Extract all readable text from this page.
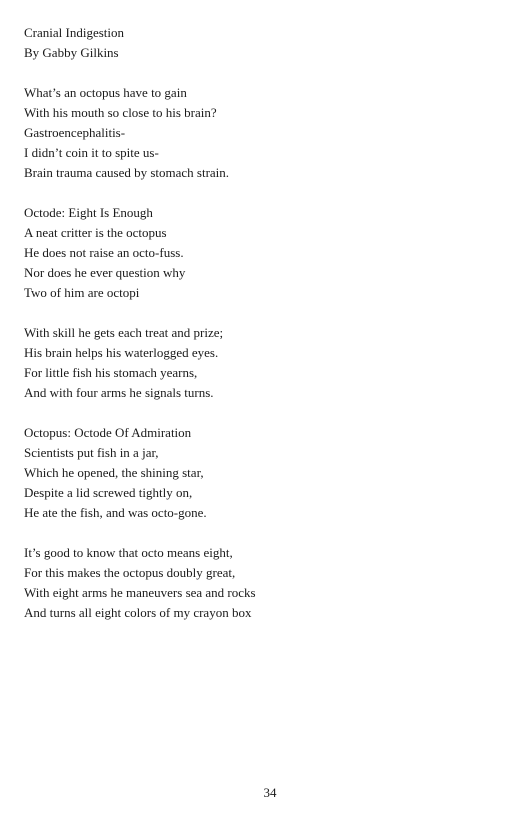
Cranial Indigestion
By Gabby Gilkins
What’s an octopus have to gain
With his mouth so close to his brain?
Gastroencephalitis-
I didn’t coin it to spite us-
Brain trauma caused by stomach strain.
Octode: Eight Is Enough
A neat critter is the octopus
He does not raise an octo-fuss.
Nor does he ever question why
Two of him are octopi
With skill he gets each treat and prize;
His brain helps his waterlogged eyes.
For little fish his stomach yearns,
And with four arms he signals turns.
Octopus: Octode Of Admiration
Scientists put fish in a jar,
Which he opened, the shining star,
Despite a lid screwed tightly on,
He ate the fish, and was octo-gone.
It’s good to know that octo means eight,
For this makes the octopus doubly great,
With eight arms he maneuvers sea and rocks
And turns all eight colors of my crayon box
34
